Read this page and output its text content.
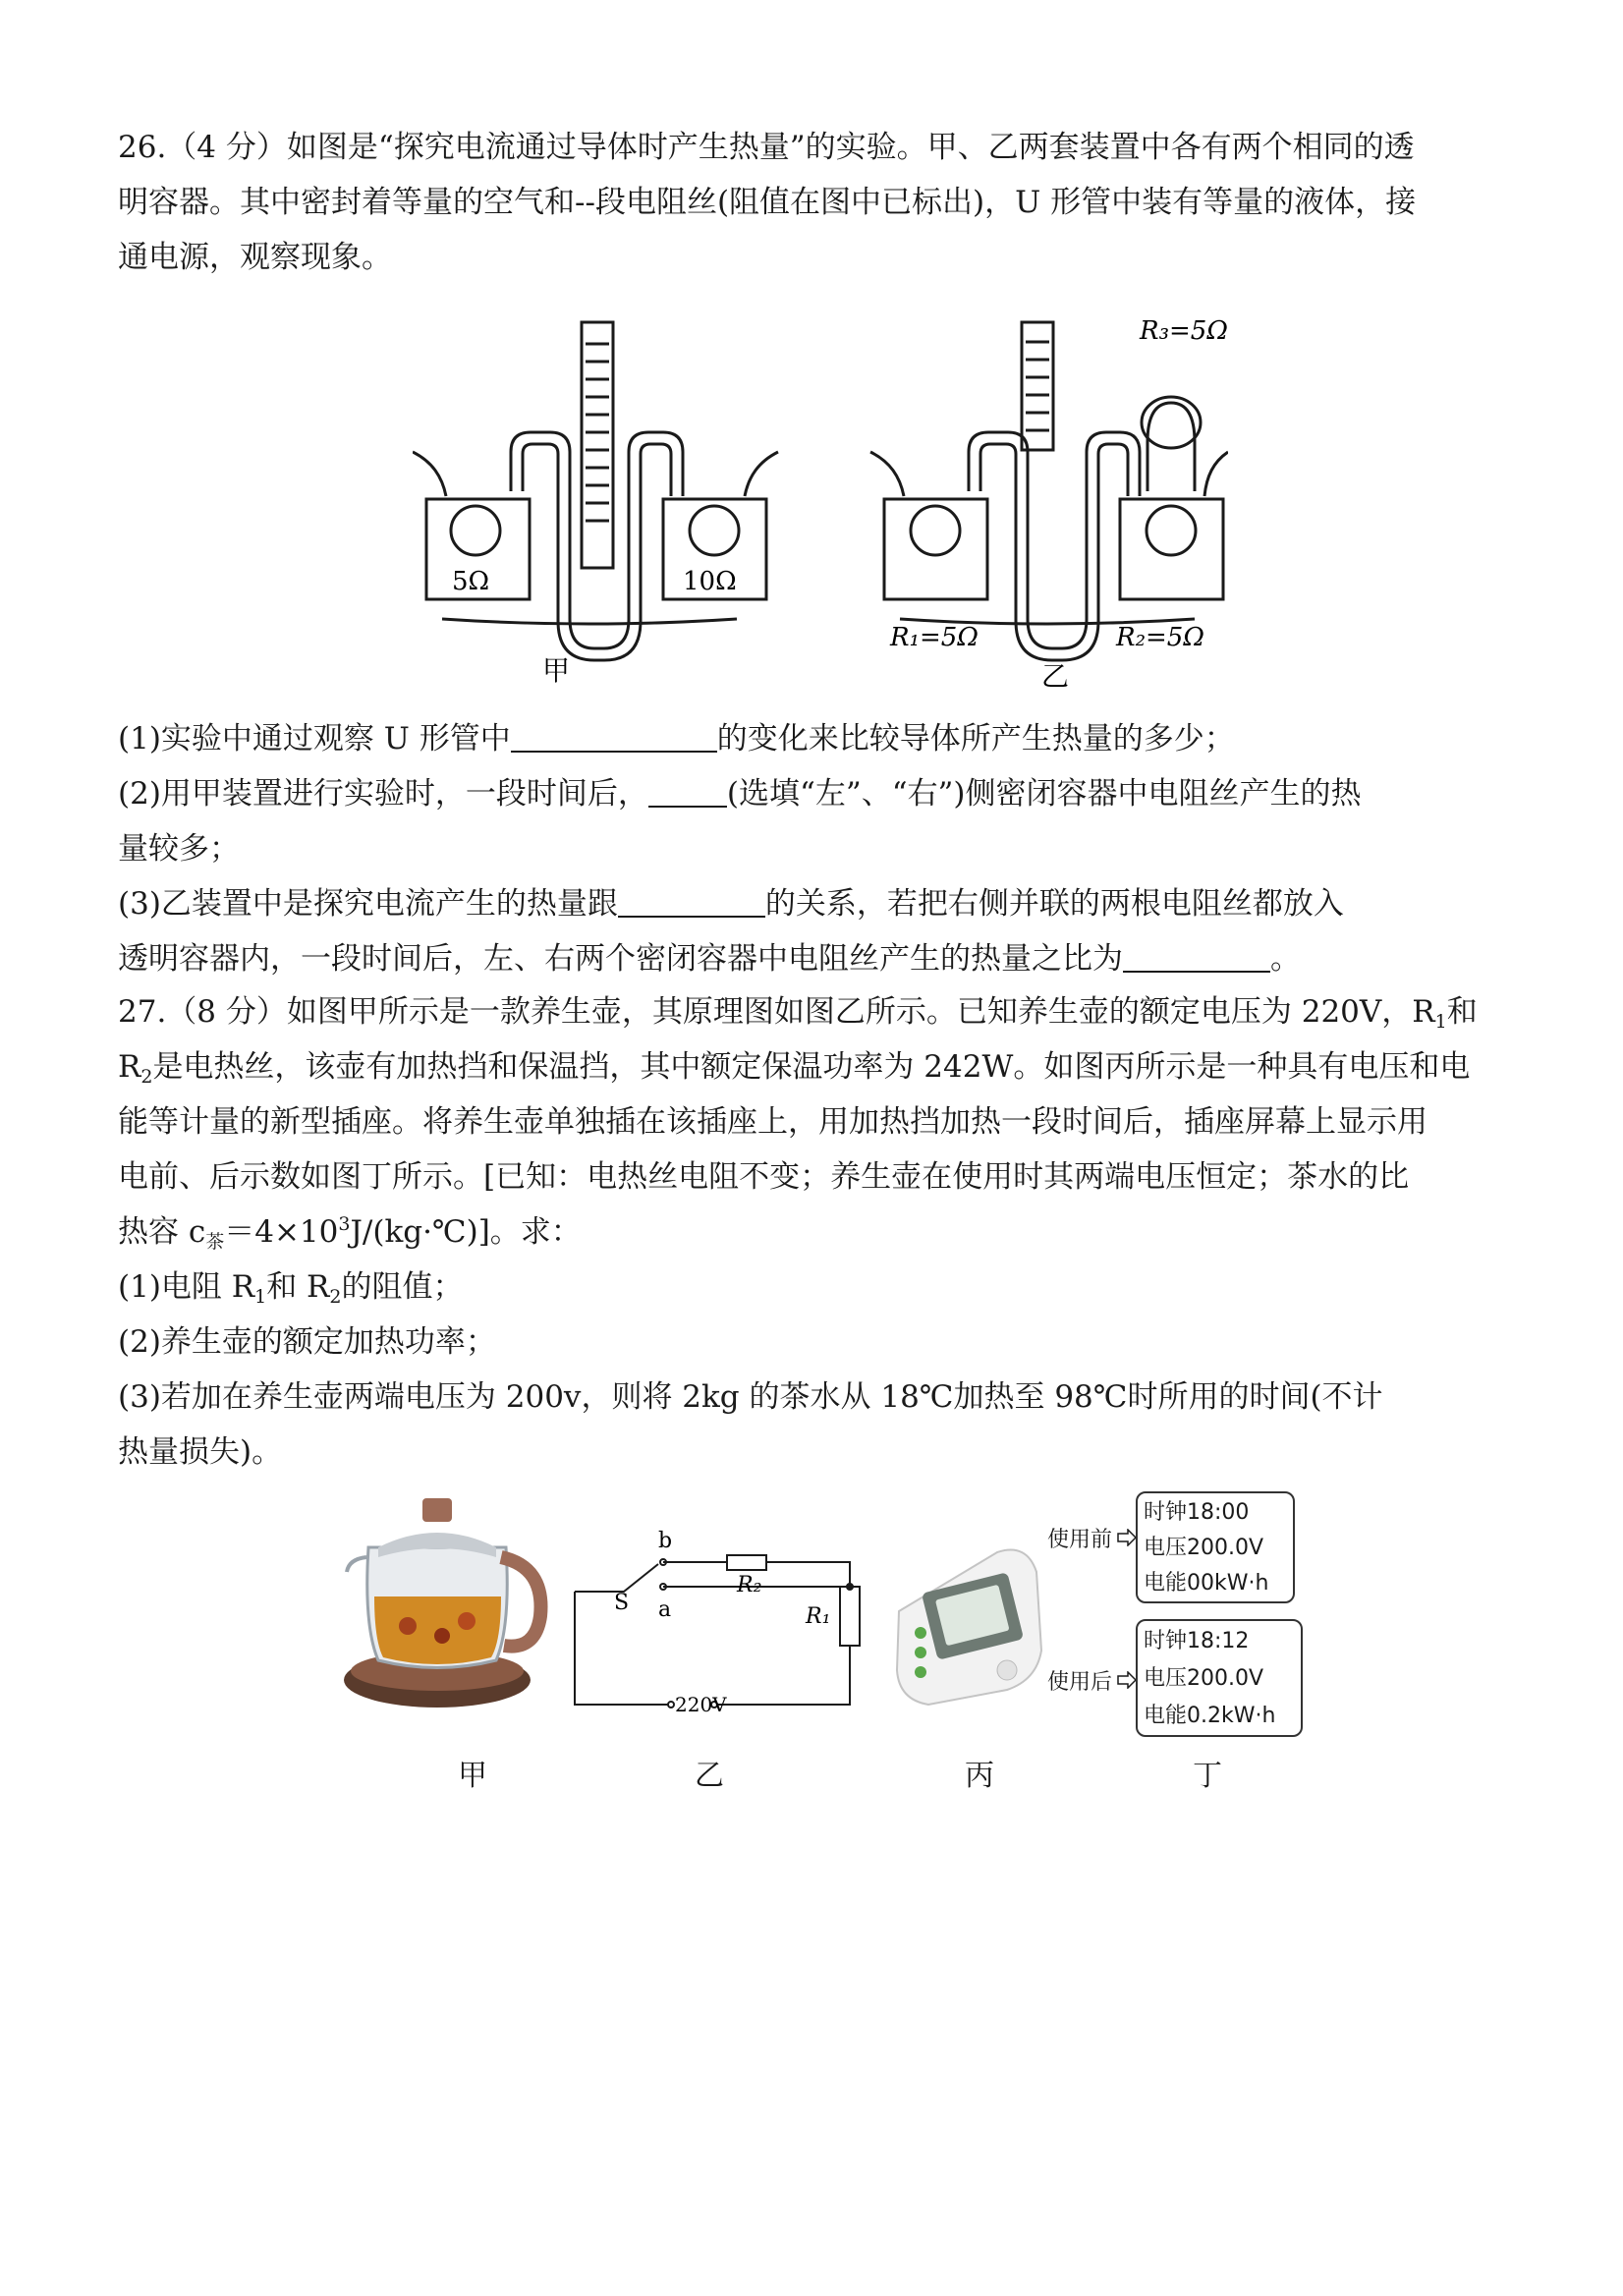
26.（4 分）如图是“探究电流通过导体时产生热量”的实验。甲、乙两套装置中各有两个相同的透
明容器。其中密封着等量的空气和--段电阻丝(阻值在图中已标出)，U 形管中装有等量的液体，接
通电源，观察现象。
5Ω	10Ω
甲
R₃=5Ω
R₁=5Ω	R₂=5Ω
乙
(1)实验中通过观察 U 形管中	的变化来比较导体所产生热量的多少；
(2)用甲装置进行实验时，一段时间后，	(选填“左”、“右”)侧密闭容器中电阻丝产生的热
量较多；
(3)乙装置中是探究电流产生的热量跟	的关系，若把右侧并联的两根电阻丝都放入
透明容器内，一段时间后，左、右两个密闭容器中电阻丝产生的热量之比为	。
27.（8 分）如图甲所示是一款养生壶，其原理图如图乙所示。已知养生壶的额定电压为 220V，$R_1$和
$R_2$是电热丝，该壶有加热挡和保温挡，其中额定保温功率为 242W。如图丙所示是一种具有电压和电
能等计量的新型插座。将养生壶单独插在该插座上，用加热挡加热一段时间后，插座屏幕上显示用
电前、后示数如图丁所示。[已知：电热丝电阻不变；养生壶在使用时其两端电压恒定；茶水的比
热容 $c_茶=4\times 10^3J/(kg\cdot℃)$]。求：
(1)电阻 $R_1$和 $R_2$的阻值；
(2)养生壶的额定加热功率；
(3)若加在养生壶两端电压为 200v，则将 2kg 的茶水从 18℃加热至 98℃时所用的时间(不计
热量损失)。
b
S a
R₂
R₁
220V
使用前
时钟18:00
电压200.0V
电能00kW·h
使用后
时钟18:12
电压200.0V
电能0.2kW·h
甲	乙	丙	丁
